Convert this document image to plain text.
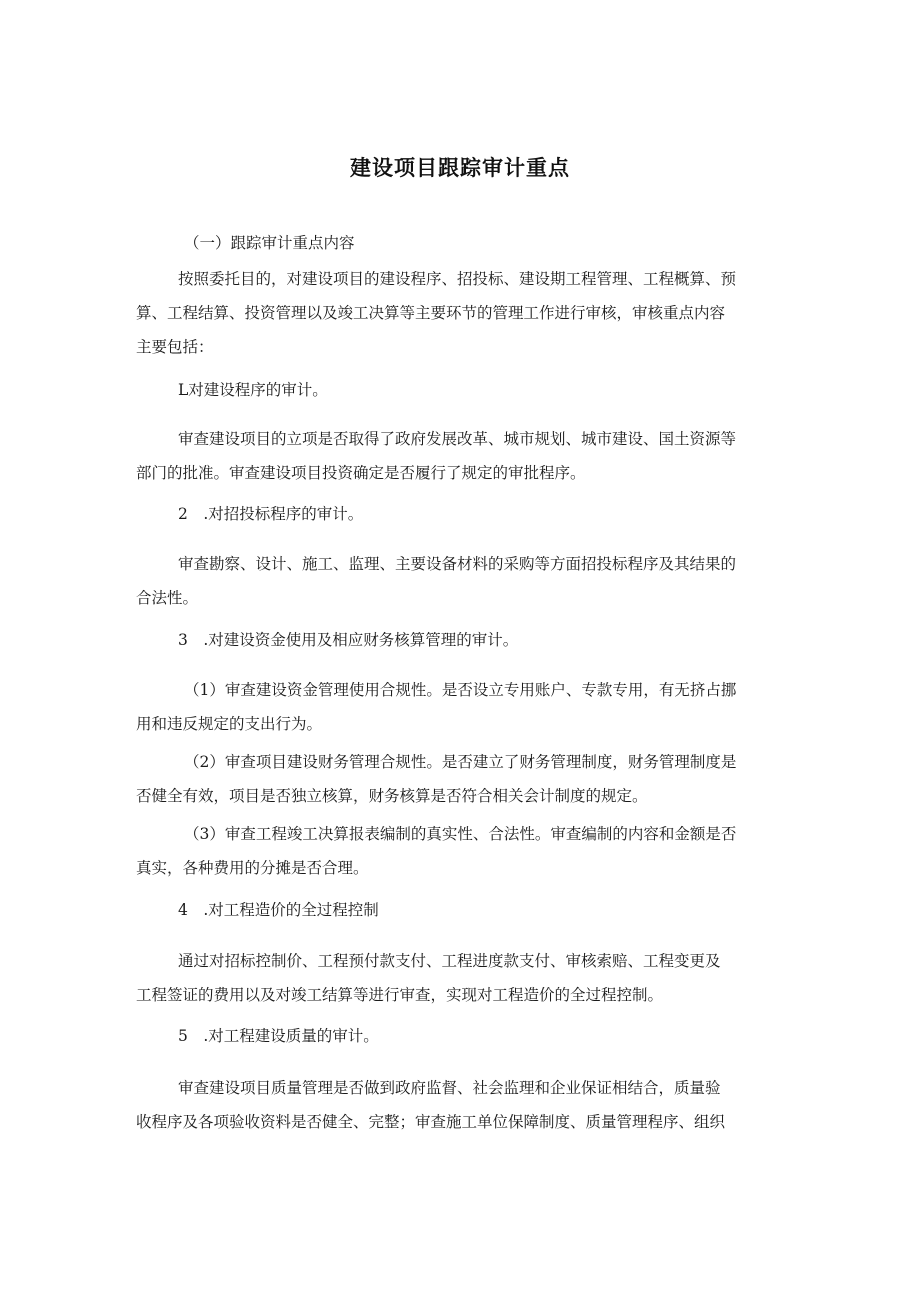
建设项目跟踪审计重点
（一）跟踪审计重点内容
按照委托目的，对建设项目的建设程序、招投标、建设期工程管理、工程概算、预
算、工程结算、投资管理以及竣工决算等主要环节的管理工作进行审核，审核重点内容
主要包括：
L对建设程序的审计。
审查建设项目的立项是否取得了政府发展改革、城市规划、城市建设、国土资源等
部门的批准。审查建设项目投资确定是否履行了规定的审批程序。
2　.对招投标程序的审计。
审查勘察、设计、施工、监理、主要设备材料的采购等方面招投标程序及其结果的
合法性。
3　.对建设资金使用及相应财务核算管理的审计。
（1）审查建设资金管理使用合规性。是否设立专用账户、专款专用，有无挤占挪
用和违反规定的支出行为。
（2）审查项目建设财务管理合规性。是否建立了财务管理制度，财务管理制度是
否健全有效，项目是否独立核算，财务核算是否符合相关会计制度的规定。
（3）审查工程竣工决算报表编制的真实性、合法性。审查编制的内容和金额是否
真实，各种费用的分摊是否合理。
4　.对工程造价的全过程控制
通过对招标控制价、工程预付款支付、工程进度款支付、审核索赔、工程变更及
工程签证的费用以及对竣工结算等进行审查，实现对工程造价的全过程控制。
5　.对工程建设质量的审计。
审查建设项目质量管理是否做到政府监督、社会监理和企业保证相结合，质量验
收程序及各项验收资料是否健全、完整；审查施工单位保障制度、质量管理程序、组织
